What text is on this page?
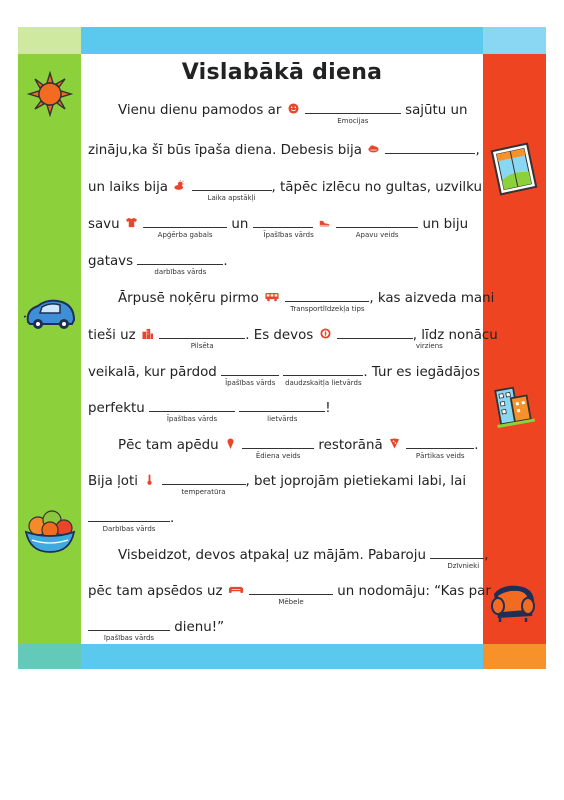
Vislabākā diena
Vienu dienu pamodos ar
Emocijas
sajūtu un
zināju,ka šī būs īpaša diena. Debesis bija	,
un laiks bija
Laika apstākļi
, tāpēc izlēcu no gultas, uzvilku
savu
Apģērba gabals
un
Īpašības vārds
	Apavu veids
un biju
gatavs
darbības vārds
.
Ārpusē noķēru pirmo
Transportlīdzekļa tips
, kas aizveda mani
tieši uz
Pilsēta
. Es devos
virziens
, līdz nonācu
veikalā, kur pārdod
Īpašības vārds
	daudzskaitļa lietvārds
. Tur es iegādājos
perfektu
Īpašības vārds
	lietvārds
!
Pēc tam apēdu
Ēdiena veids
restorānā
Pārtikas veids
.
Bija ļoti
temperatūra
, bet joprojām pietiekami labi, lai
Darbības vārds
.
Visbeidzot, devos atpakaļ uz mājām. Pabaroju
Dzīvnieki
,
pēc tam apsēdos uz
Mēbele
un nodomāju: “Kas par
īpašības vārds
dienu!”
